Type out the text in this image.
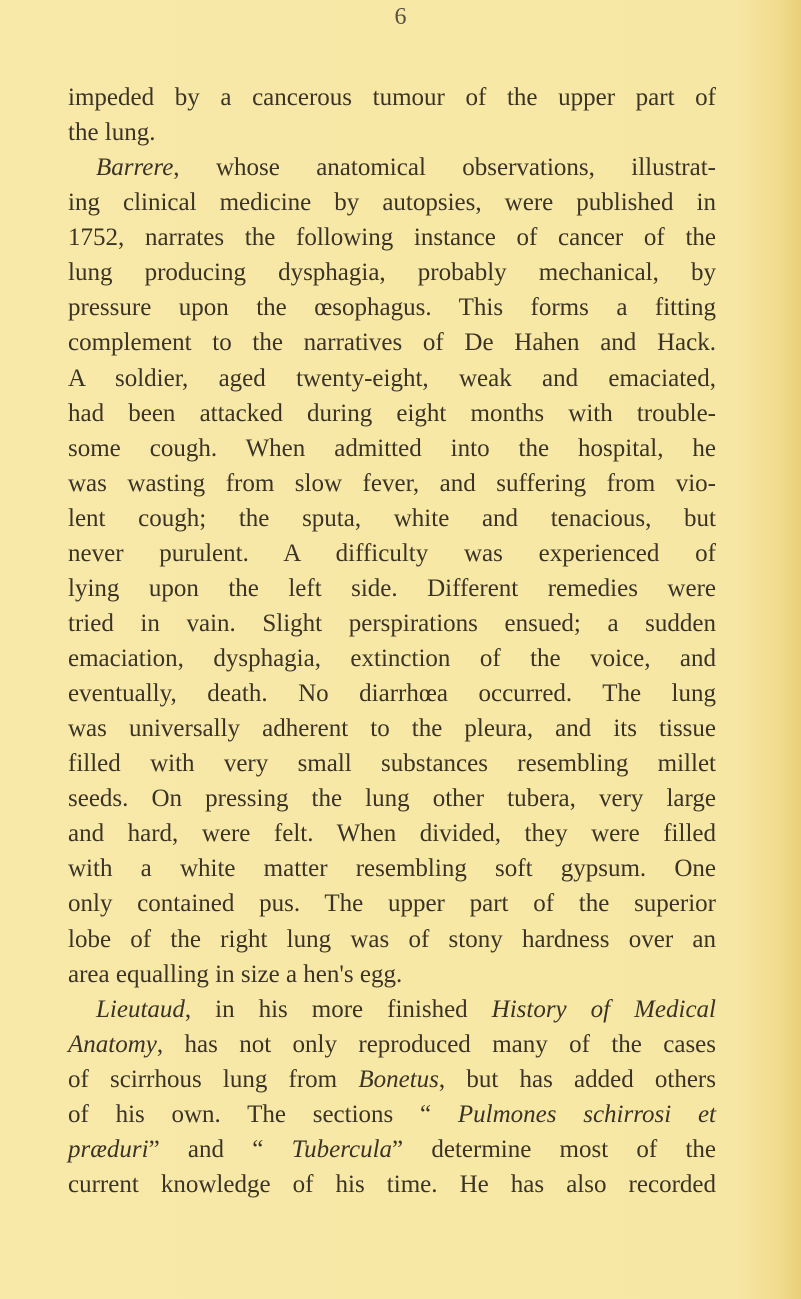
6
impeded by a cancerous tumour of the upper part of
the lung.
Barrere, whose anatomical observations, illustrat-
ing clinical medicine by autopsies, were published in
1752, narrates the following instance of cancer of the
lung producing dysphagia, probably mechanical, by
pressure upon the œsophagus. This forms a fitting
complement to the narratives of De Hahen and Hack.
A soldier, aged twenty-eight, weak and emaciated,
had been attacked during eight months with trouble-
some cough. When admitted into the hospital, he
was wasting from slow fever, and suffering from vio-
lent cough; the sputa, white and tenacious, but
never purulent. A difficulty was experienced of
lying upon the left side. Different remedies were
tried in vain. Slight perspirations ensued; a sudden
emaciation, dysphagia, extinction of the voice, and
eventually, death. No diarrhœa occurred. The lung
was universally adherent to the pleura, and its tissue
filled with very small substances resembling millet
seeds. On pressing the lung other tubera, very large
and hard, were felt. When divided, they were filled
with a white matter resembling soft gypsum. One
only contained pus. The upper part of the superior
lobe of the right lung was of stony hardness over an
area equalling in size a hen's egg.
Lieutaud, in his more finished History of Medical
Anatomy, has not only reproduced many of the cases
of scirrhous lung from Bonetus, but has added others
of his own. The sections “ Pulmones schirrosi et
præduri” and “ Tubercula” determine most of the
current knowledge of his time. He has also recorded
